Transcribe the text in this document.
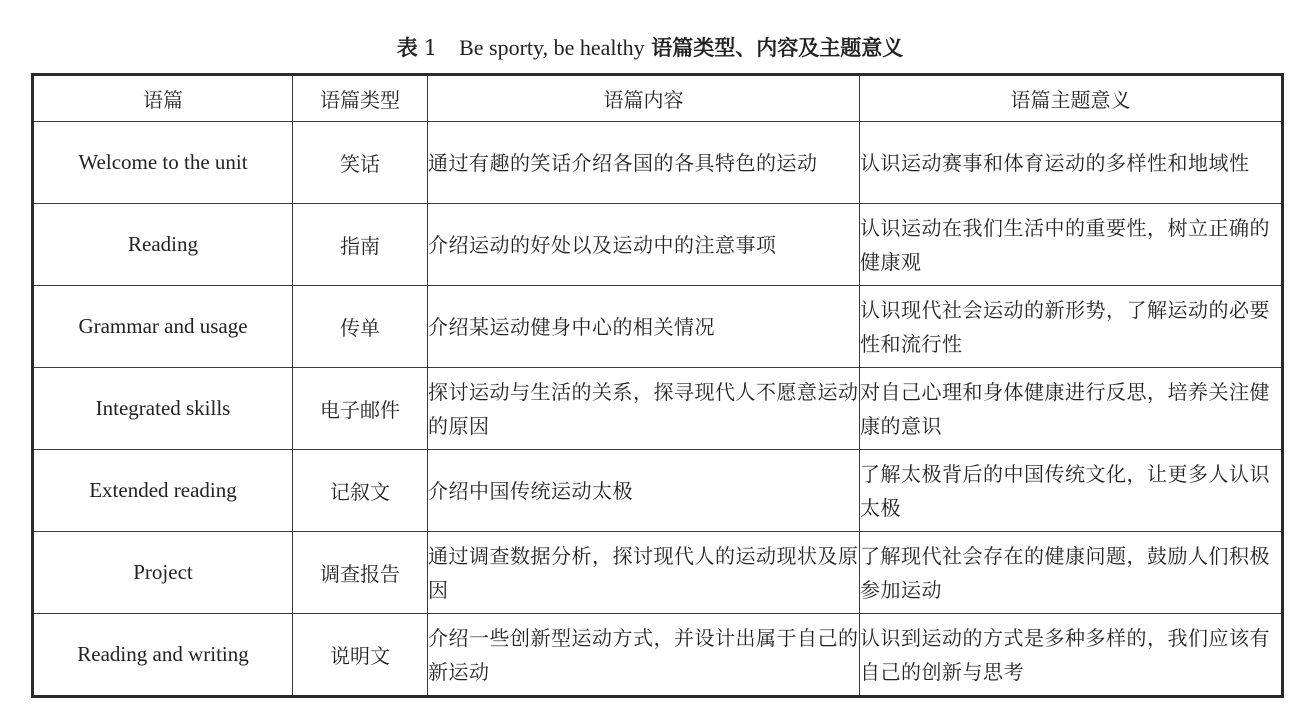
表 1 Be sporty, be healthy 语篇类型、内容及主题意义
语篇	语篇类型	语篇内容	语篇主题意义
Welcome to the unit	笑话	通过有趣的笑话介绍各国的各具特色的运动	认识运动赛事和体育运动的多样性和地域性
Reading	指南	介绍运动的好处以及运动中的注意事项	认识运动在我们生活中的重要性，树立正确的健康观
Grammar and usage	传单	介绍某运动健身中心的相关情况	认识现代社会运动的新形势，了解运动的必要性和流行性
Integrated skills	电子邮件	探讨运动与生活的关系，探寻现代人不愿意运动的原因	对自己心理和身体健康进行反思，培养关注健康的意识
Extended reading	记叙文	介绍中国传统运动太极	了解太极背后的中国传统文化，让更多人认识太极
Project	调查报告	通过调查数据分析，探讨现代人的运动现状及原因	了解现代社会存在的健康问题，鼓励人们积极参加运动
Reading and writing	说明文	介绍一些创新型运动方式，并设计出属于自己的新运动	认识到运动的方式是多种多样的，我们应该有自己的创新与思考
